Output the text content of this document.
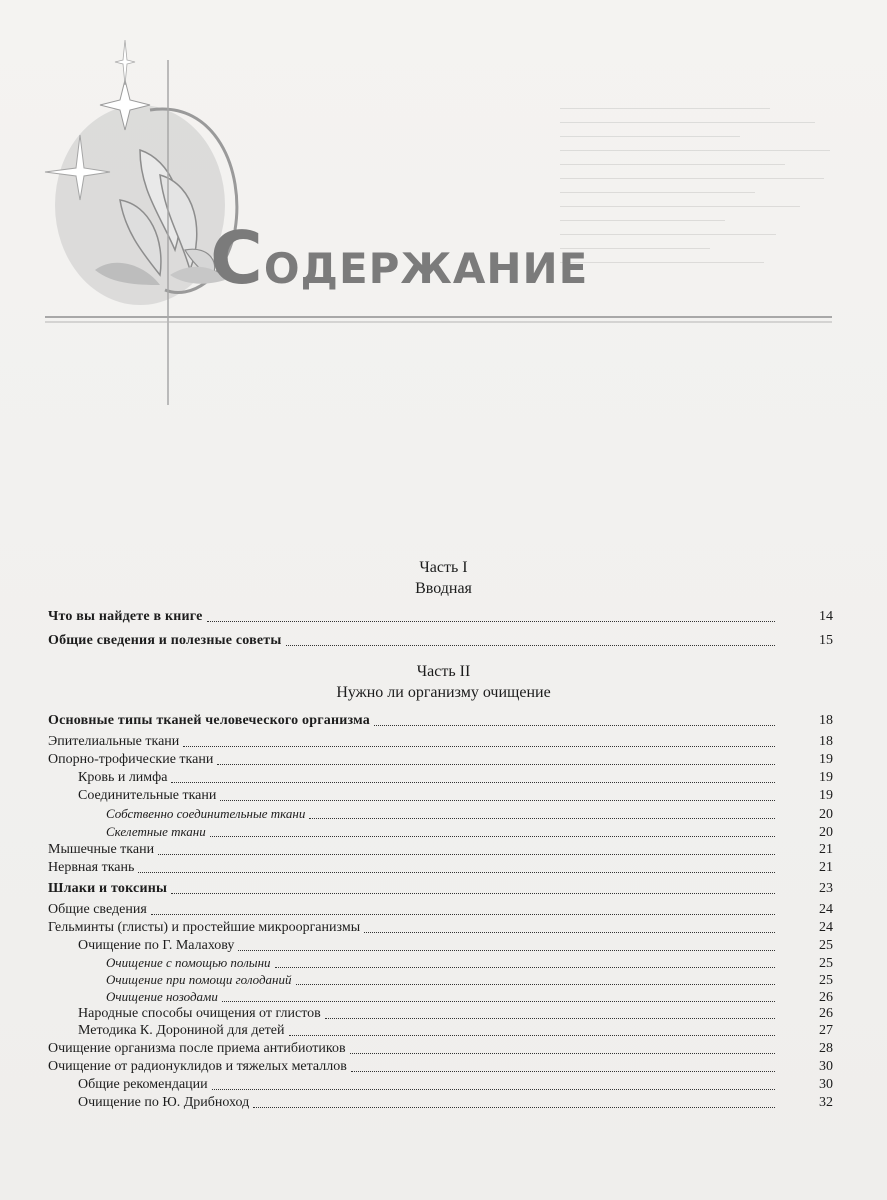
СОДЕРЖАНИЕ
Часть I
Вводная
Что вы найдете в книге	14
Общие сведения и полезные советы	15
Часть II
Нужно ли организму очищение
Основные типы тканей человеческого организма	18
Эпителиальные ткани	18
Опорно-трофические ткани	19
Кровь и лимфа	19
Соединительные ткани	19
Собственно соединительные ткани	20
Скелетные ткани	20
Мышечные ткани	21
Нервная ткань	21
Шлаки и токсины	23
Общие сведения	24
Гельминты (глисты) и простейшие микроорганизмы	24
Очищение по Г. Малахову	25
Очищение с помощью полыни	25
Очищение при помощи голоданий	25
Очищение нозодами	26
Народные способы очищения от глистов	26
Методика К. Дорониной для детей	27
Очищение организма после приема антибиотиков	28
Очищение от радионуклидов и тяжелых металлов	30
Общие рекомендации	30
Очищение по Ю. Дрибноход	32
